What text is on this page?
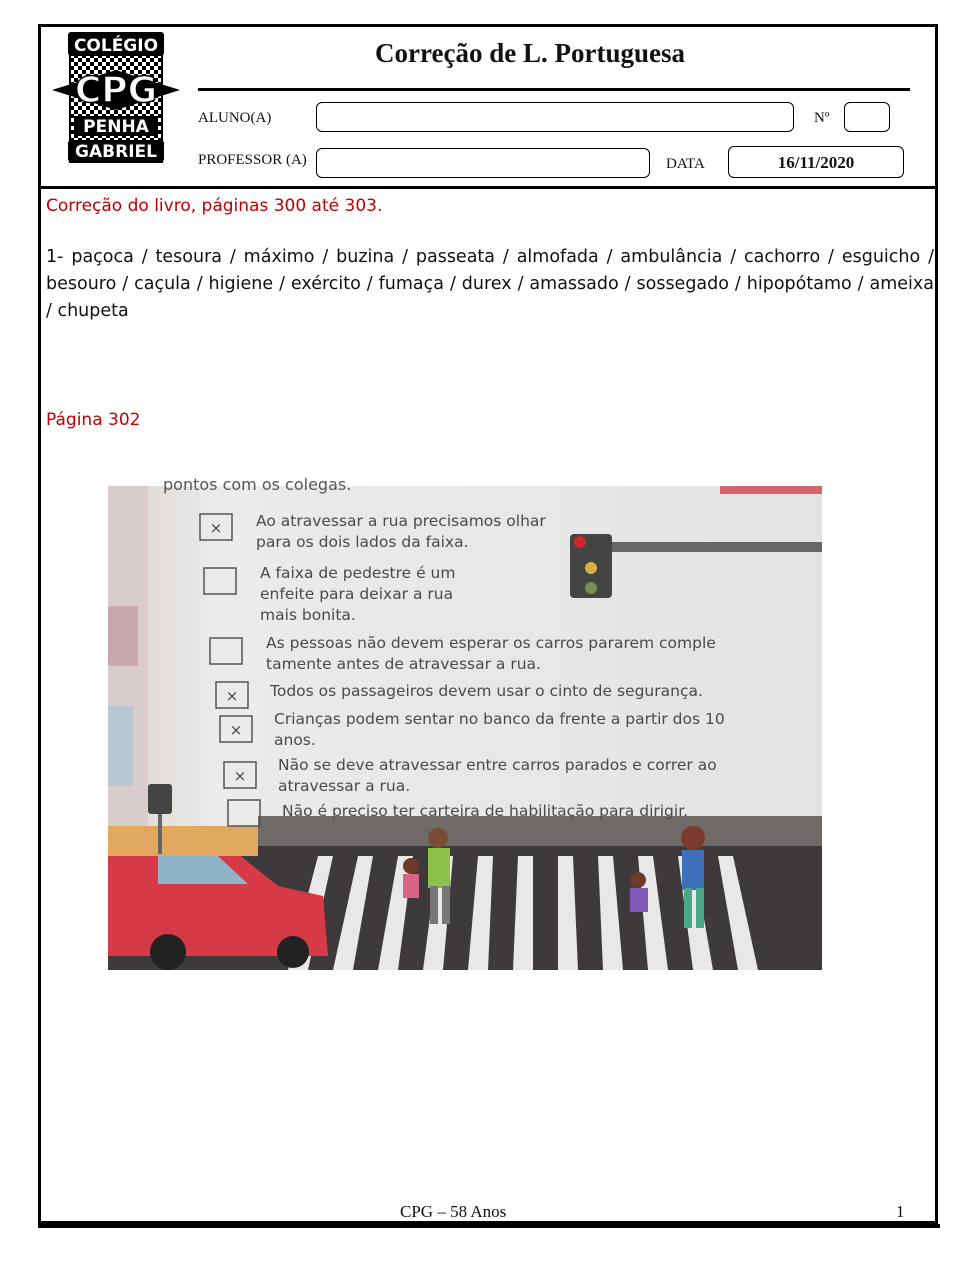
COLÉGIO
CPG
PENHA
GABRIEL
Correção de L. Portuguesa
ALUNO(A)	Nº
PROFESSOR (A)	DATA	16/11/2020
Correção do livro, páginas 300 até 303.
1- paçoca / tesoura / máximo / buzina / passeata / almofada / ambulância / cachorro / esguicho / besouro / caçula / higiene / exército / fumaça / durex / amassado / sossegado / hipopótamo / ameixa / chupeta
Página 302
pontos com os colegas.
× Ao atravessar a rua precisamos olhar
para os dois lados da faixa.
A faixa de pedestre é um
enfeite para deixar a rua
mais bonita.
As pessoas não devem esperar os carros pararem comple
tamente antes de atravessar a rua.
× Todos os passageiros devem usar o cinto de segurança.
×
Crianças podem sentar no banco da frente a partir dos 10
anos.
×
Não se deve atravessar entre carros parados e correr ao
atravessar a rua.
Não é preciso ter carteira de habilitação para dirigir.
CPG – 58 Anos	1
